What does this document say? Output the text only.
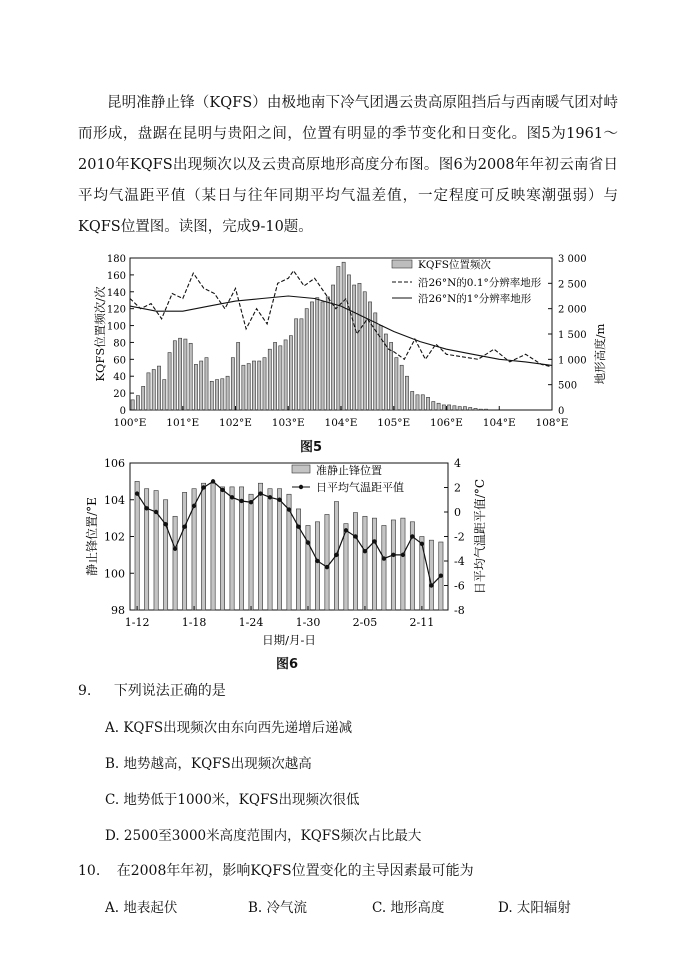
昆明准静止锋（KQFS）由极地南下冷气团遇云贵高原阻挡后与西南暖气团对峙而形成，盘踞在昆明与贵阳之间，位置有明显的季节变化和日变化。图5为1961～2010年KQFS出现频次以及云贵高原地形高度分布图。图6为2008年年初云南省日平均气温距平值（某日与往年同期平均气温差值，一定程度可反映寒潮强弱）与KQFS位置图。读图，完成9-10题。

0
20
40
60
80
100
120
140
160
180
0
500
1 000
1 500
2 000
2 500
3 000
100°E 101°E 102°E 103°E 104°E 105°E 106°E 104°E 108°E
KQFS位置频次/次	地形高度/m
KQFS位置频次
沿26°N的0.1°分辨率地形
沿26°N的1°分辨率地形
图5
98
100
102
104
106	4
2
0
-2
-4
-6
-8
1-12	1-18	1-24	1-30	2-05	2-11
日期/月-日
静止锋位置/°E	日平均气温距平值/°C
准静止锋位置
日平均气温距平值
图6
9. 下列说法正确的是
A. KQFS出现频次由东向西先递增后递减
B. 地势越高，KQFS出现频次越高
C. 地势低于1000米，KQFS出现频次很低
D. 2500至3000米高度范围内，KQFS频次占比最大
10. 在2008年年初，影响KQFS位置变化的主导因素最可能为
A. 地表起伏	B. 冷气流	C. 地形高度	D. 太阳辐射
